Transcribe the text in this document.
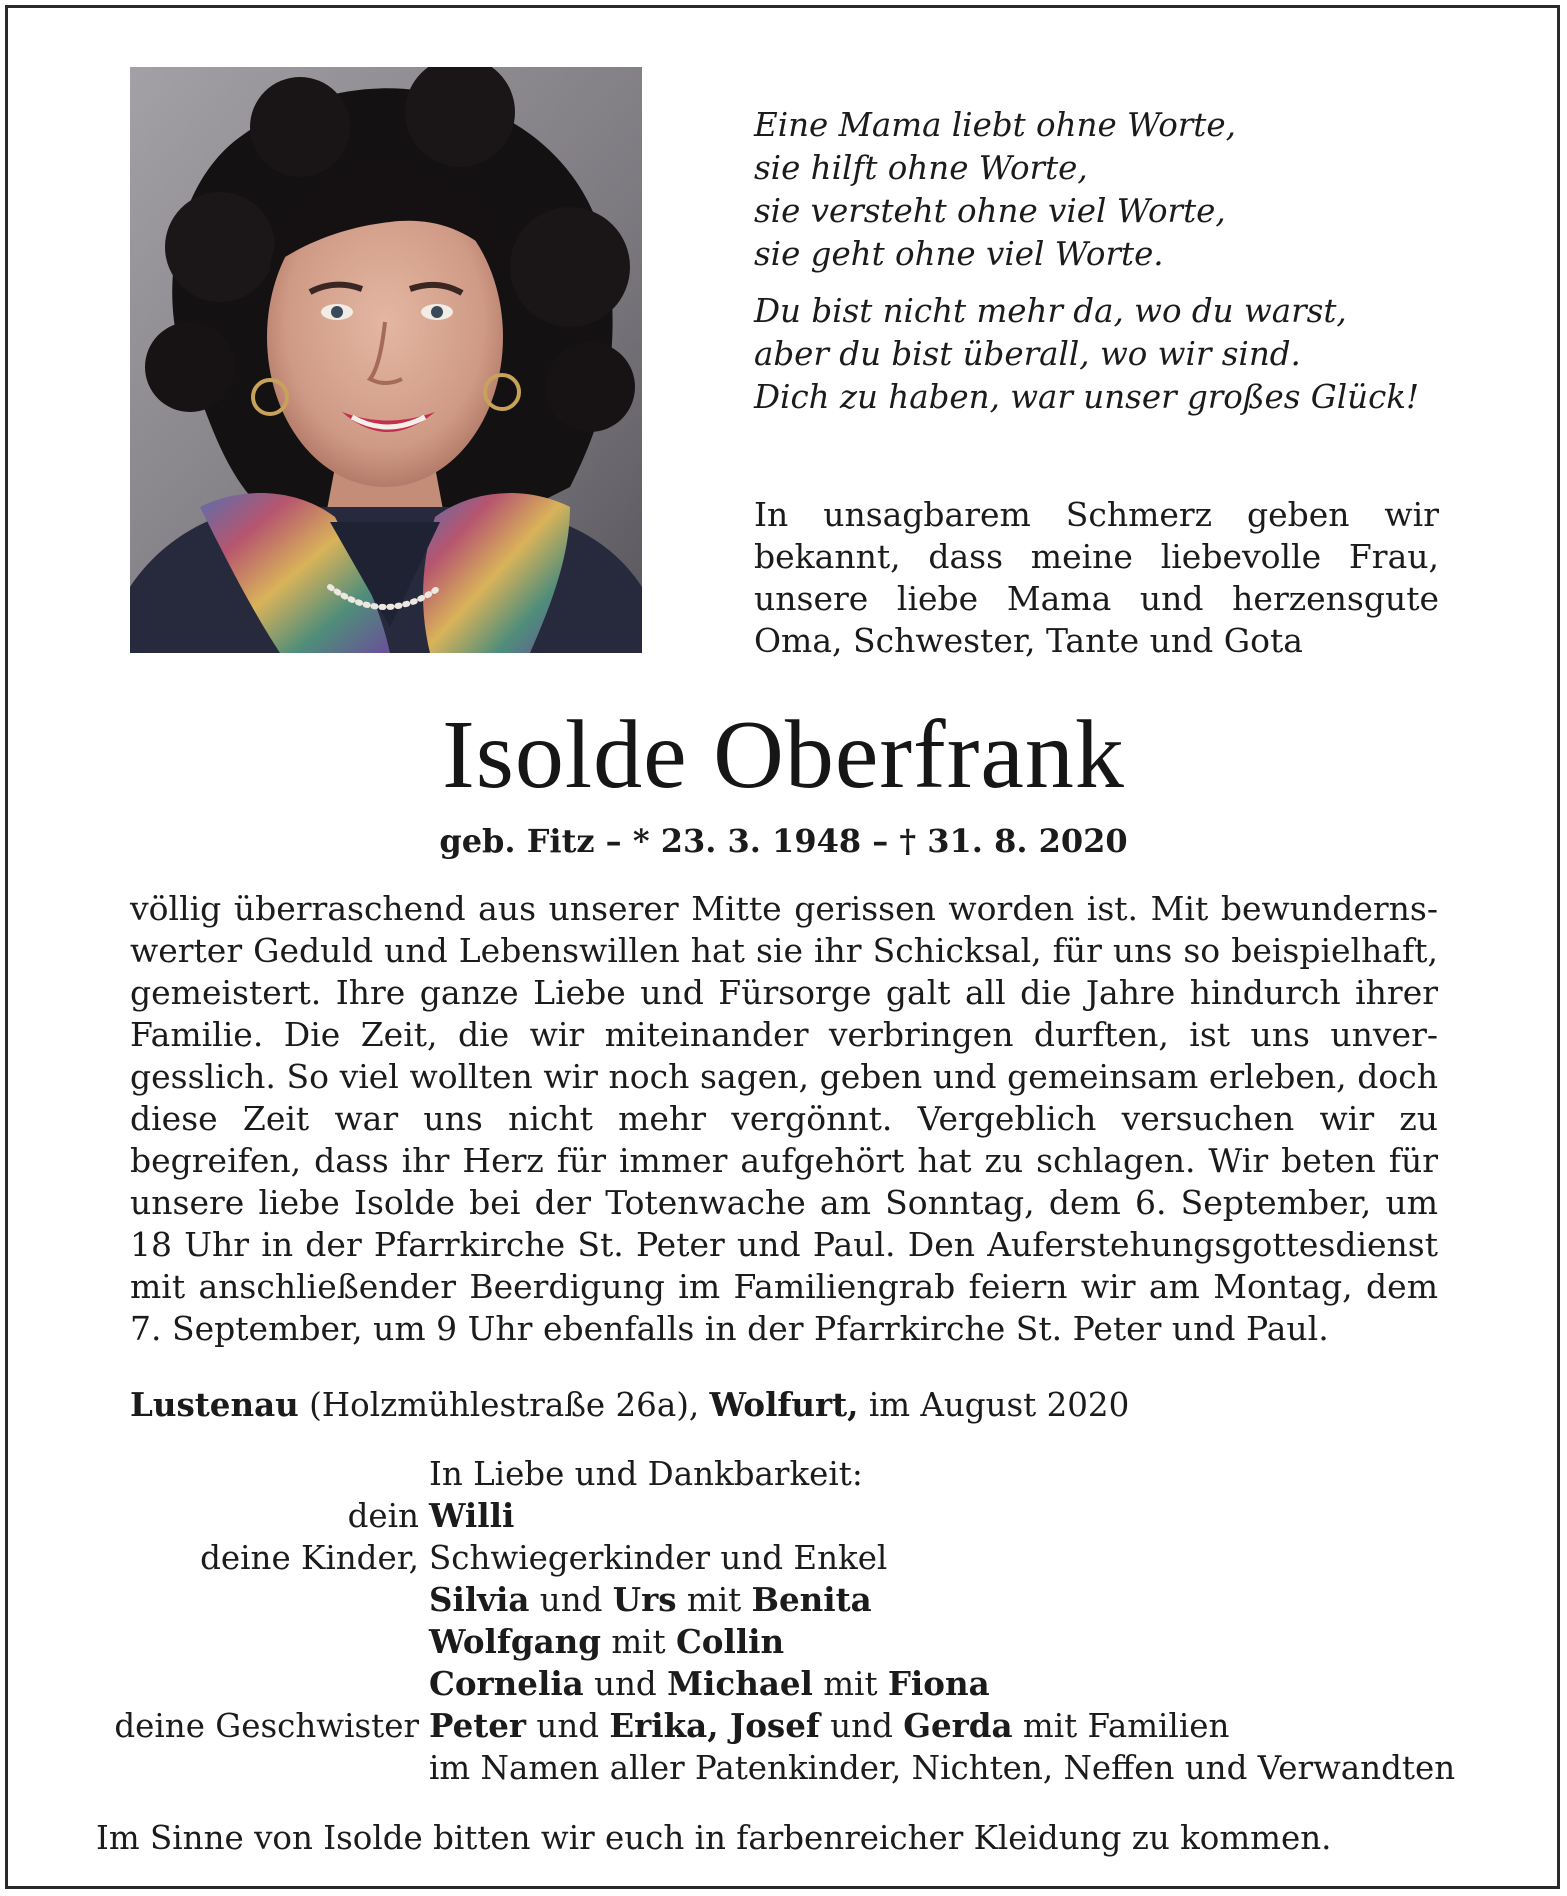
Eine Mama liebt ohne Worte,
sie hilft ohne Worte,
sie versteht ohne viel Worte,
sie geht ohne viel Worte.
Du bist nicht mehr da, wo du warst,
aber du bist überall, wo wir sind.
Dich zu haben, war unser großes Glück!
In unsagbarem Schmerz geben wir bekannt, dass meine liebevolle Frau, unsere liebe Mama und herzensgute Oma, Schwester, Tante und Gota
Isolde Oberfrank
geb. Fitz – * 23. 3. 1948 – † 31. 8. 2020
völlig überraschend aus unserer Mitte gerissen worden ist. Mit bewundernswerter Geduld und Lebenswillen hat sie ihr Schicksal, für uns so beispielhaft, gemeistert. Ihre ganze Liebe und Fürsorge galt all die Jahre hindurch ihrer Familie. Die Zeit, die wir miteinander verbringen durften, ist uns unvergesslich. So viel wollten wir noch sagen, geben und gemeinsam erleben, doch diese Zeit war uns nicht mehr vergönnt. Vergeblich versuchen wir zu begreifen, dass ihr Herz für immer aufgehört hat zu schlagen. Wir beten für unsere liebe Isolde bei der Totenwache am Sonntag, dem 6. September, um 18 Uhr in der Pfarrkirche St. Peter und Paul. Den Auferstehungsgottesdienst mit anschließender Beerdigung im Familiengrab feiern wir am Montag, dem 7. September, um 9 Uhr ebenfalls in der Pfarrkirche St. Peter und Paul.
Lustenau (Holzmühlestraße 26a), Wolfurt, im August 2020
In Liebe und Dankbarkeit:
dein Willi
deine Kinder, Schwiegerkinder und Enkel
Silvia und Urs mit Benita
Wolfgang mit Collin
Cornelia und Michael mit Fiona
deine Geschwister Peter und Erika, Josef und Gerda mit Familien
im Namen aller Patenkinder, Nichten, Neffen und Verwandten
Im Sinne von Isolde bitten wir euch in farbenreicher Kleidung zu kommen.
